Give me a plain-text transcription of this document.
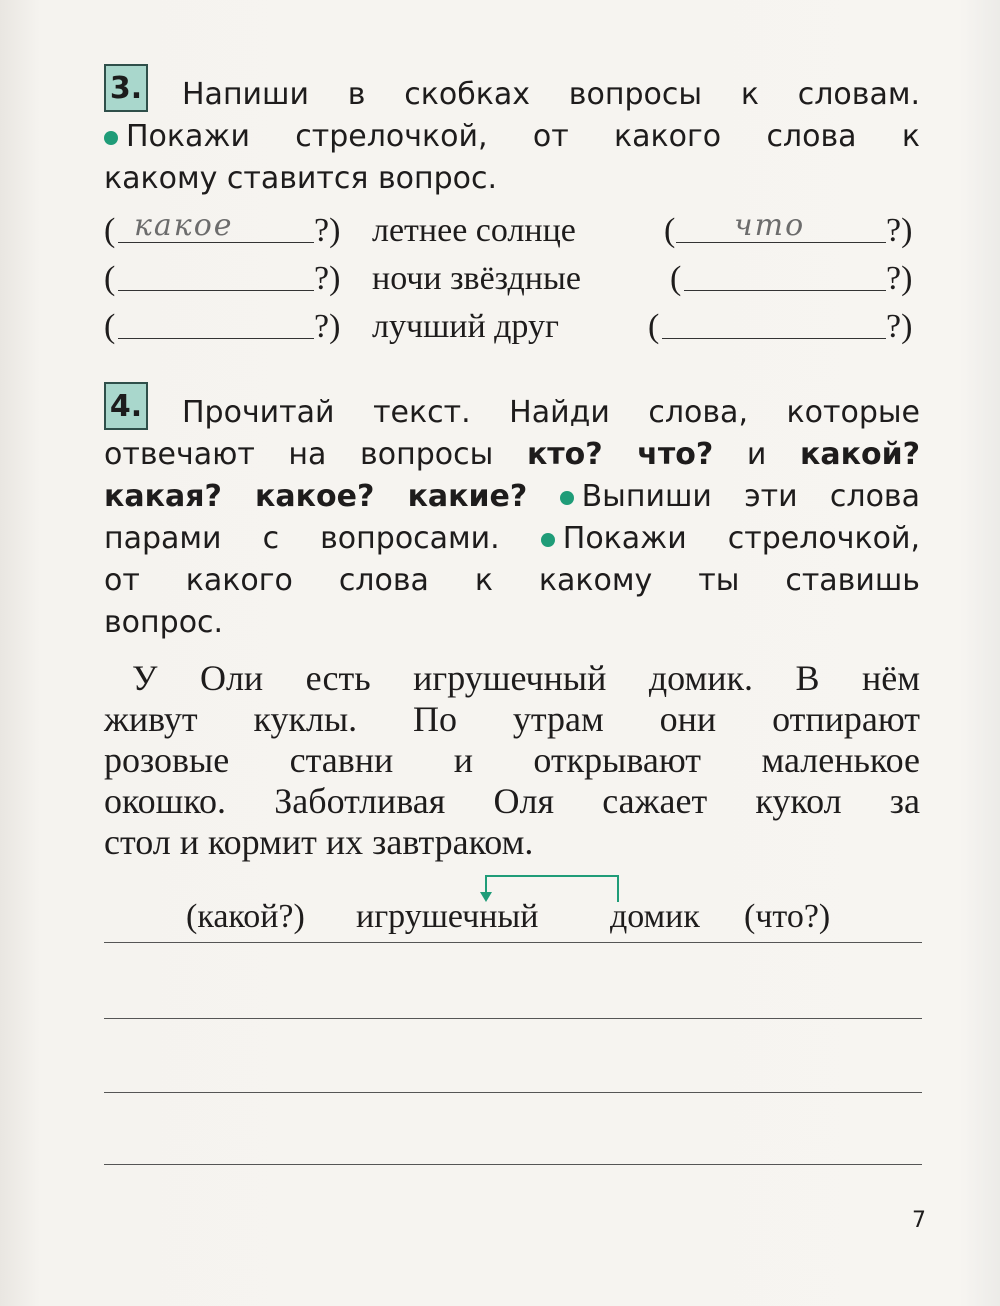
3. Напиши в скобках вопросы к словам.
Покажи стрелочкой, от какого слова к
какому ставится вопрос.
( какое ?) летнее солнце	( что ?)
(	?) ночи звёздные	(	?)
(	?) лучший друг	(	?)
4. Прочитай текст. Найди слова, которые
отвечают на вопросы кто? что? и какой?
какая? какое? какие? Выпиши эти слова
парами с вопросами. Покажи стрелочкой,
от какого слова к какому ты ставишь
вопрос.
У Оли есть игрушечный домик. В нём
живут куклы. По утрам они отпирают
розовые ставни и открывают маленькое
окошко. Заботливая Оля сажает кукол за
стол и кормит их завтраком.
(какой?) игрушечный домик (что?)
7
